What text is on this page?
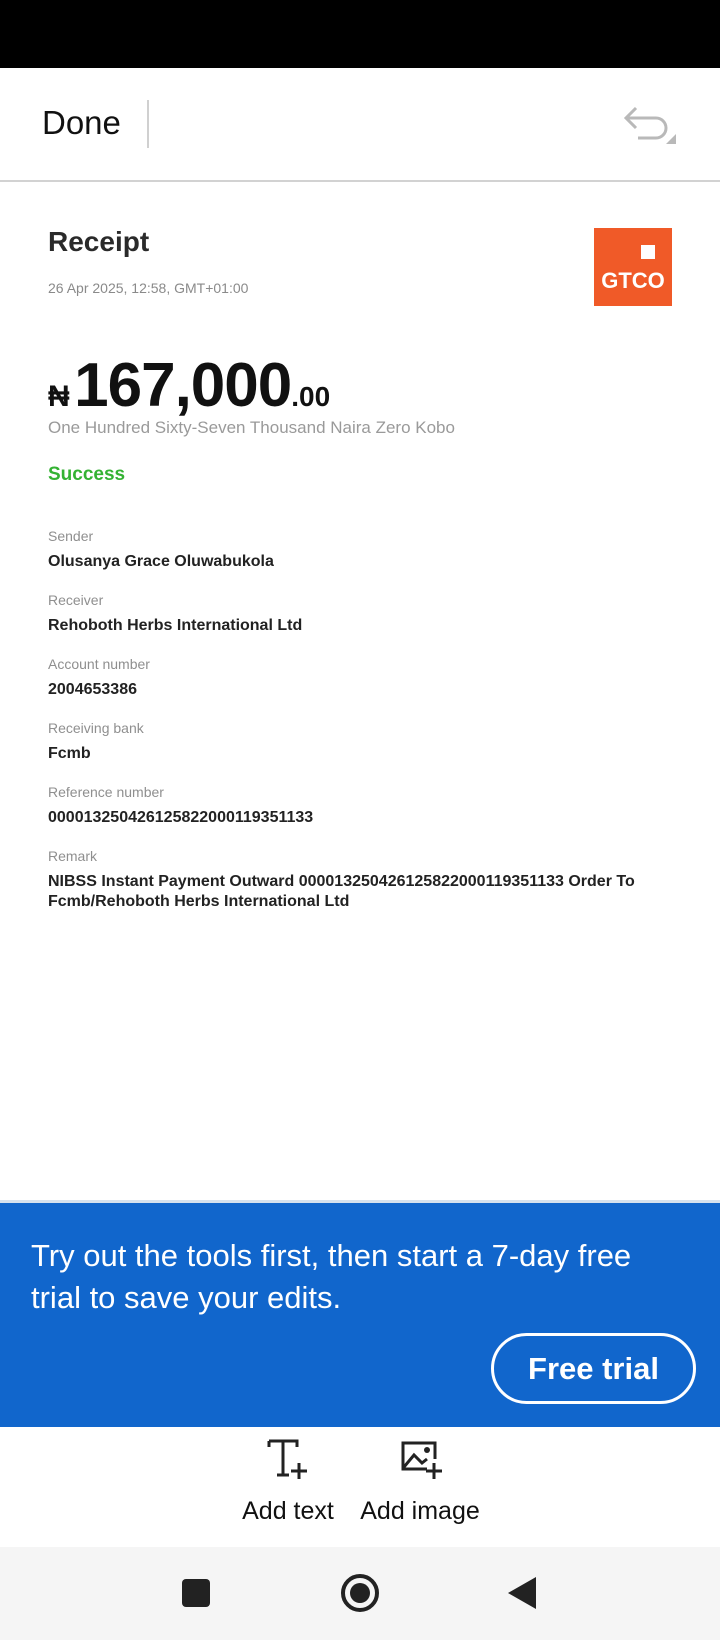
Done
Receipt
26 Apr 2025, 12:58, GMT+01:00	GTCO
₦ 167,000.00
One Hundred Sixty-Seven Thousand Naira Zero Kobo
Success
Sender
Olusanya Grace Oluwabukola
Receiver
Rehoboth Herbs International Ltd
Account number
2004653386
Receiving bank
Fcmb
Reference number
000013250426125822000119351133
Remark
NIBSS Instant Payment Outward 000013250426125822000119351133 Order To Fcmb/Rehoboth Herbs International Ltd
Try out the tools first, then start a 7-day free trial to save your edits.
Free trial
Add text	Add image
